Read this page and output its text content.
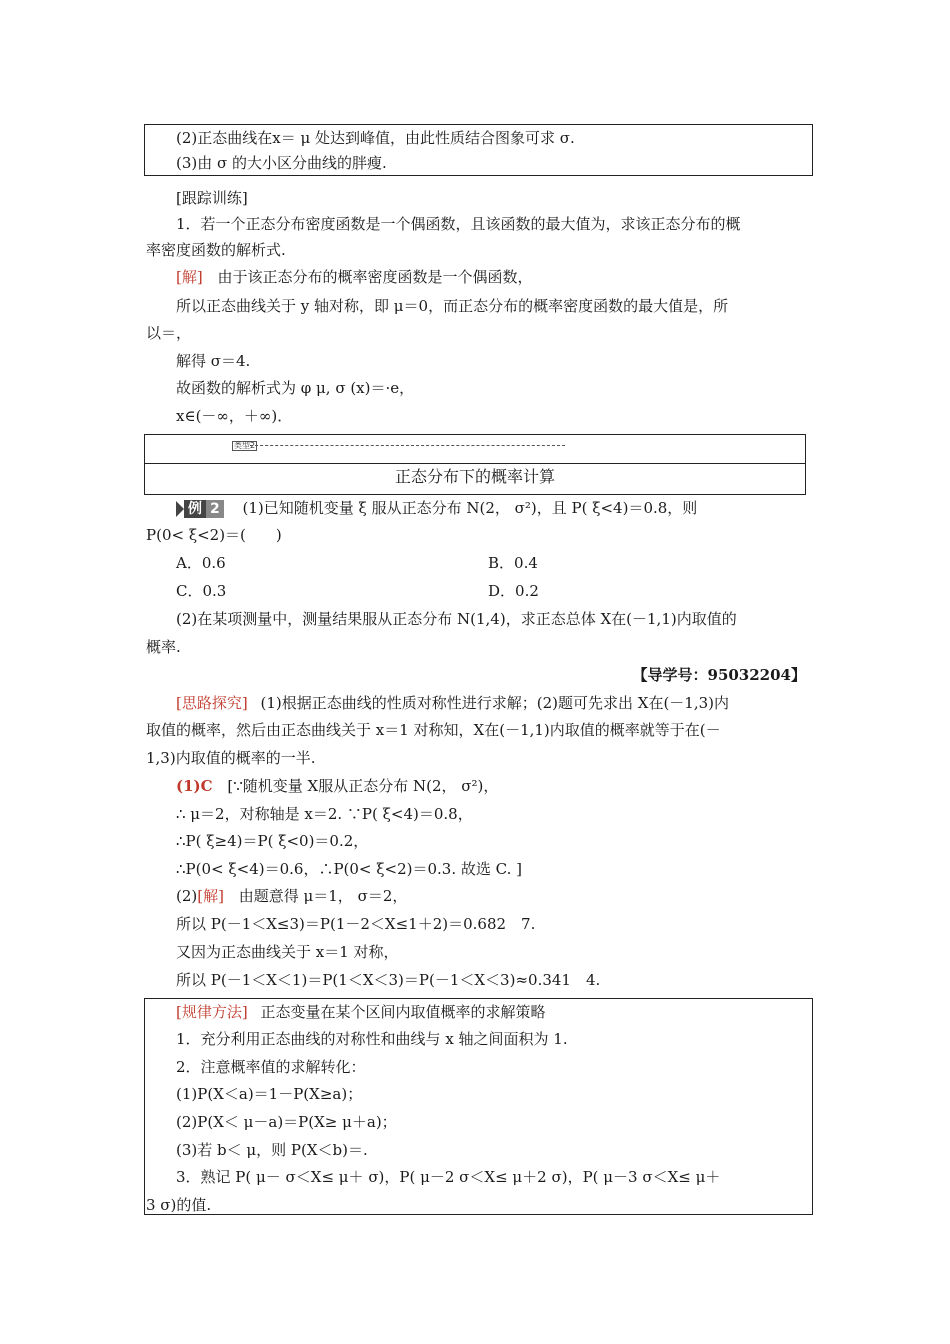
(2)正态曲线在x＝ μ 处达到峰值，由此性质结合图象可求 σ.
(3)由 σ 的大小区分曲线的胖瘦.
[跟踪训练]
1．若一个正态分布密度函数是一个偶函数，且该函数的最大值为，求该正态分布的概
率密度函数的解析式.
[解] 由于该正态分布的概率密度函数是一个偶函数，
所以正态曲线关于 y 轴对称，即 μ＝0，而正态分布的概率密度函数的最大值是，所
以＝，
解得 σ＝4.
故函数的解析式为 φ μ, σ (x)＝·e，
x∈(－∞，＋∞)．
类型2
正态分布下的概率计算
例 2 (1)已知随机变量 ξ 服从正态分布 N(2， σ²)，且 P( ξ<4)＝0.8，则
P(0< ξ<2)＝(　　)
A．0.6	B．0.4
C．0.3	D．0.2
(2)在某项测量中，测量结果服从正态分布 N(1,4)，求正态总体 X在(－1,1)内取值的
概率.
【导学号：95032204】
[思路探究] (1)根据正态曲线的性质对称性进行求解；(2)题可先求出 X在(－1,3)内
取值的概率，然后由正态曲线关于 x＝1 对称知，X在(－1,1)内取值的概率就等于在(－
1,3)内取值的概率的一半.
(1)C [∵随机变量 X服从正态分布 N(2， σ²)，
∴ μ＝2，对称轴是 x＝2. ∵P( ξ<4)＝0.8，
∴P( ξ≥4)＝P( ξ<0)＝0.2，
∴P(0< ξ<4)＝0.6，∴P(0< ξ<2)＝0.3. 故选 C. ]
(2)[解] 由题意得 μ＝1， σ＝2，
所以 P(－1＜X≤3)＝P(1－2＜X≤1＋2)＝0.682　7.
又因为正态曲线关于 x＝1 对称，
所以 P(－1＜X＜1)＝P(1＜X＜3)＝P(－1＜X＜3)≈0.341　4.
[规律方法] 正态变量在某个区间内取值概率的求解策略
1．充分利用正态曲线的对称性和曲线与 x 轴之间面积为 1.
2．注意概率值的求解转化：
(1)P(X＜a)＝1－P(X≥a)；
(2)P(X＜ μ－a)＝P(X≥ μ＋a)；
(3)若 b＜ μ，则 P(X＜b)＝.
3．熟记 P( μ－ σ＜X≤ μ＋ σ)，P( μ－2 σ＜X≤ μ＋2 σ)，P( μ－3 σ＜X≤ μ＋
3 σ)的值.
